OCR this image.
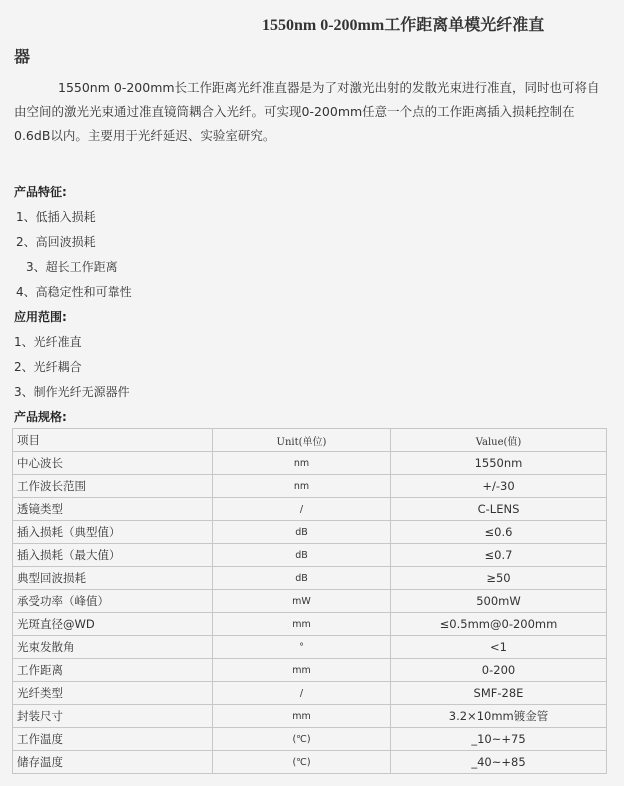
1550nm 0-200mm工作距离单模光纤准直
器
1550nm 0-200mm长工作距离光纤准直器是为了对激光出射的发散光束进行准直，同时也可将自由空间的激光光束通过准直镜筒耦合入光纤。可实现0-200mm任意一个点的工作距离插入损耗控制在0.6dB以内。主要用于光纤延迟、实验室研究。
产品特征:
1、低插入损耗
2、高回波损耗
3、超长工作距离
4、高稳定性和可靠性
应用范围:
1、光纤准直
2、光纤耦合
3、制作光纤无源器件
产品规格:
项目	Unit(单位)	Value(值)
中心波长	nm	1550nm
工作波长范围	nm	+/-30
透镜类型	/	C-LENS
插入损耗（典型值）	dB	≤0.6
插入损耗（最大值）	dB	≤0.7
典型回波损耗	dB	≥50
承受功率（峰值）	mW	500mW
光斑直径@WD	mm	≤0.5mm@0-200mm
光束发散角	°	<1
工作距离	mm	0-200
光纤类型	/	SMF-28E
封装尺寸	mm	3.2×10mm镀金管
工作温度	(℃)	_10~+75
储存温度	(℃)	_40~+85
